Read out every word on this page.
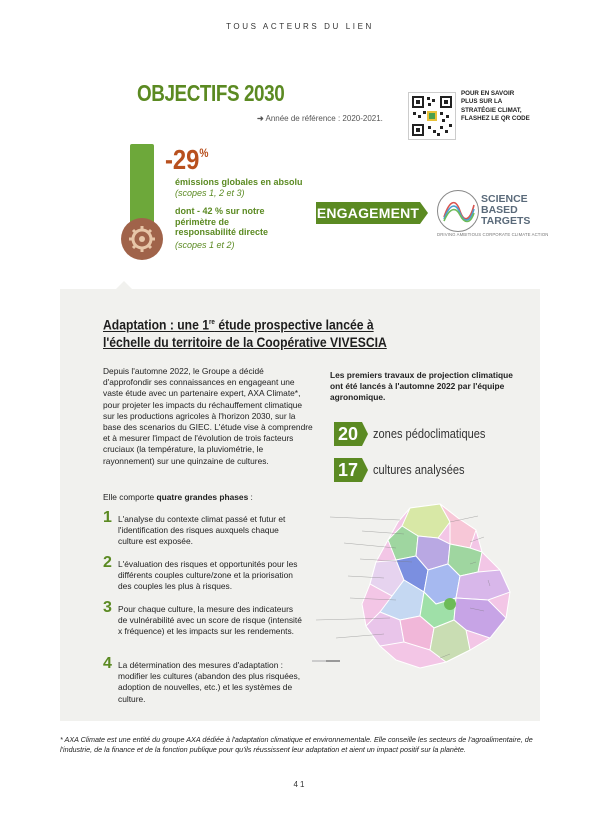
TOUS ACTEURS DU LIEN
OBJECTIFS 2030
➜ Année de référence : 2020-2021.
POUR EN SAVOIR
PLUS SUR LA
STRATÉGIE CLIMAT,
FLASHEZ LE QR CODE
-29%
émissions globales en absolu
(scopes 1, 2 et 3)
dont - 42 % sur notre périmètre de responsabilité directe
(scopes 1 et 2)
ENGAGEMENT
SCIENCE
BASED
TARGETS
DRIVING AMBITIOUS CORPORATE CLIMATE ACTION
Adaptation : une 1re étude prospective lancée à l'échelle du territoire de la Coopérative VIVESCIA
Depuis l'automne 2022, le Groupe a décidé d'approfondir ses connaissances en engageant une vaste étude avec un partenaire expert, AXA Climate*, pour projeter les impacts du réchauffement climatique sur les productions agricoles à l'horizon 2030, sur la base des scenarios du GIEC. L'étude vise à comprendre et à mesurer l'impact de l'évolution de trois facteurs cruciaux (la température, la pluviométrie, le rayonnement) sur une quinzaine de cultures.
Elle comporte quatre grandes phases :
1 L'analyse du contexte climat passé et futur et l'identification des risques auxquels chaque culture est exposée.
2 L'évaluation des risques et opportunités pour les différents couples culture/zone et la priorisation des couples les plus à risques.
3 Pour chaque culture, la mesure des indicateurs de vulnérabilité avec un score de risque (intensité x fréquence) et les impacts sur les rendements.
4 La détermination des mesures d'adaptation : modifier les cultures (abandon des plus risquées, adoption de nouvelles, etc.) et les systèmes de culture.
Les premiers travaux de projection climatique ont été lancés à l'automne 2022 par l'équipe agronomique.
20	zones pédoclimatiques
17	cultures analysées
* AXA Climate est une entité du groupe AXA dédiée à l'adaptation climatique et environnementale. Elle conseille les secteurs de l'agroalimentaire, de l'industrie, de la finance et de la fonction publique pour qu'ils réussissent leur adaptation et aient un impact positif sur la planète.
41
